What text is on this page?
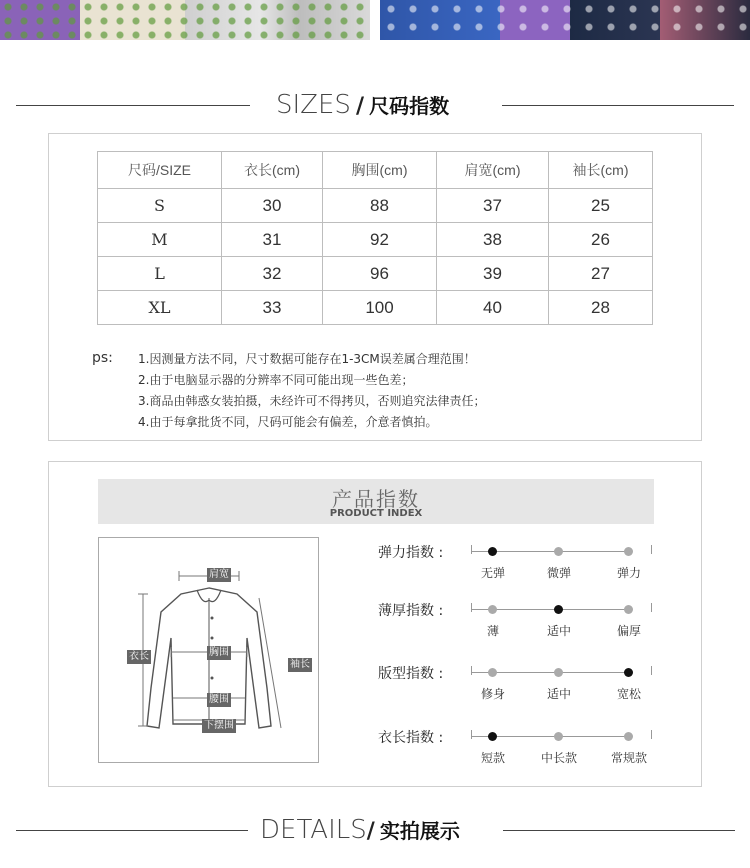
SIZES / 尺码指数
尺码/SIZE	衣长(cm)	胸围(cm)	肩宽(cm)	袖长(cm)
S	30	88	37	25
M	31	92	38	26
L	32	96	39	27
XL	33	100	40	28
ps: 1.因测量方法不同，尺寸数据可能存在1-3CM误差属合理范围！
2.由于电脑显示器的分辨率不同可能出现一些色差；
3.商品由韩惑女装拍摄，未经许可不得拷贝，否则追究法律责任；
4.由于每拿批货不同，尺码可能会有偏差，介意者慎拍。
产品指数
PRODUCT INDEX
肩宽
衣长	胸围
袖长
腰围
下摆围
弹力指数 :
无弹	微弹	弹力
薄厚指数 :
薄	适中	偏厚
版型指数 :
修身	适中	宽松
衣长指数 :
短款	中长款	常规款
DETAILS/ 实拍展示
